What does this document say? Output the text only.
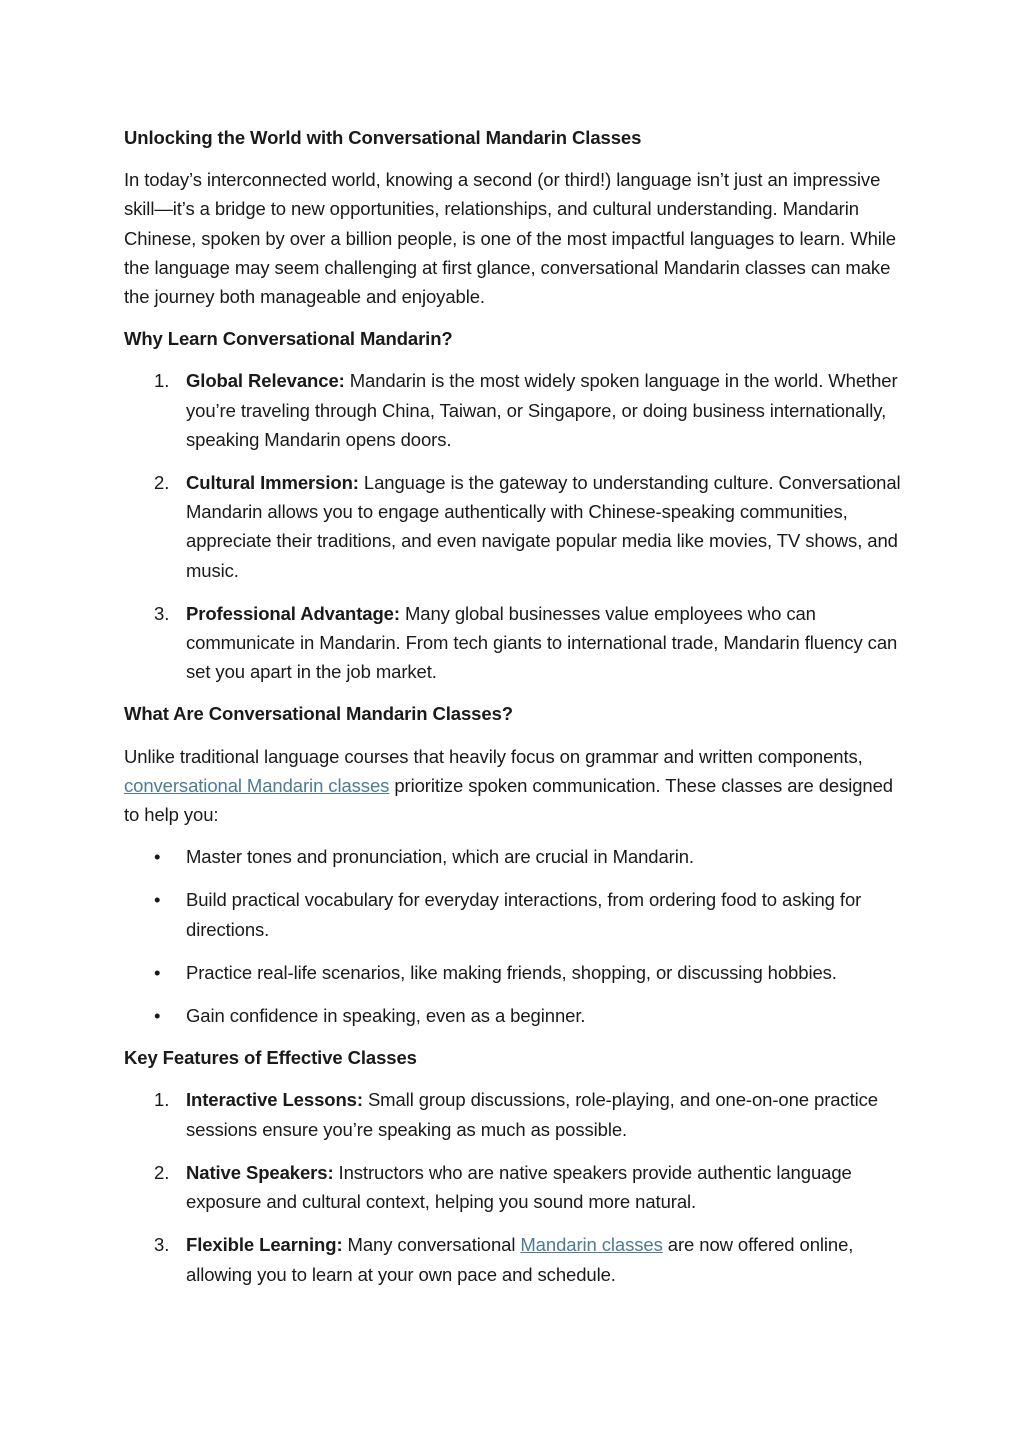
Unlocking the World with Conversational Mandarin Classes

In today’s interconnected world, knowing a second (or third!) language isn’t just an impressive skill—it’s a bridge to new opportunities, relationships, and cultural understanding. Mandarin Chinese, spoken by over a billion people, is one of the most impactful languages to learn. While the language may seem challenging at first glance, conversational Mandarin classes can make the journey both manageable and enjoyable.

Why Learn Conversational Mandarin?
1. Global Relevance: Mandarin is the most widely spoken language in the world. Whether you’re traveling through China, Taiwan, or Singapore, or doing business internationally, speaking Mandarin opens doors.
2. Cultural Immersion: Language is the gateway to understanding culture. Conversational Mandarin allows you to engage authentically with Chinese-speaking communities, appreciate their traditions, and even navigate popular media like movies, TV shows, and music.
3. Professional Advantage: Many global businesses value employees who can communicate in Mandarin. From tech giants to international trade, Mandarin fluency can set you apart in the job market.
What Are Conversational Mandarin Classes?

Unlike traditional language courses that heavily focus on grammar and written components, conversational Mandarin classes prioritize spoken communication. These classes are designed to help you:

• Master tones and pronunciation, which are crucial in Mandarin.
• Build practical vocabulary for everyday interactions, from ordering food to asking for directions.
• Practice real-life scenarios, like making friends, shopping, or discussing hobbies.
• Gain confidence in speaking, even as a beginner.
Key Features of Effective Classes
1. Interactive Lessons: Small group discussions, role-playing, and one-on-one practice sessions ensure you’re speaking as much as possible.
2. Native Speakers: Instructors who are native speakers provide authentic language exposure and cultural context, helping you sound more natural.
3. Flexible Learning: Many conversational Mandarin classes are now offered online, allowing you to learn at your own pace and schedule.
